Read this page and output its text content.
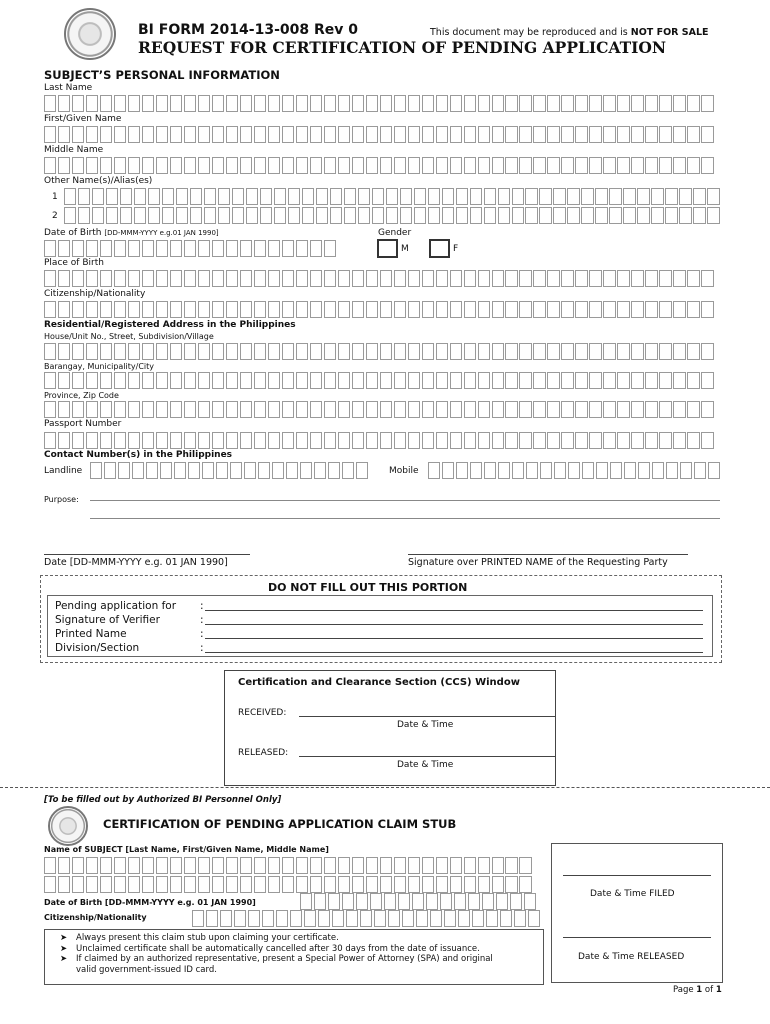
BI FORM 2014-13-008 Rev 0	This document may be reproduced and is NOT FOR SALE
REQUEST FOR CERTIFICATION OF PENDING APPLICATION
SUBJECT’S PERSONAL INFORMATION
Last Name
First/Given Name
Middle Name
Other Name(s)/Alias(es)
1
2
Date of Birth [DD-MMM-YYYY e.g.01 JAN 1990]	Gender
M	F
Place of Birth
Citizenship/Nationality
Residential/Registered Address in the Philippines
House/Unit No., Street, Subdivision/Village
Barangay, Municipality/City
Province, Zip Code
Passport Number
Contact Number(s) in the Philippines
Landline	Mobile
Purpose:
Date [DD-MMM-YYYY e.g. 01 JAN 1990]	Signature over PRINTED NAME of the Requesting Party
DO NOT FILL OUT THIS PORTION
Pending application for :
Signature of Verifier	:
Printed Name	:
Division/Section	:
Certification and Clearance Section (CCS) Window
RECEIVED:
Date & Time
RELEASED:
Date & Time
[To be filled out by Authorized BI Personnel Only]
CERTIFICATION OF PENDING APPLICATION CLAIM STUB
Name of SUBJECT [Last Name, First/Given Name, Middle Name]
Date of Birth [DD-MMM-YYYY e.g. 01 JAN 1990]
Citizenship/Nationality
➤ Always present this claim stub upon claiming your certificate.
➤ Unclaimed certificate shall be automatically cancelled after 30 days from the date of issuance.
➤ If claimed by an authorized representative, present a Special Power of Attorney (SPA) and original
valid government-issued ID card.
Date & Time FILED
Date & Time RELEASED
Page 1 of 1
